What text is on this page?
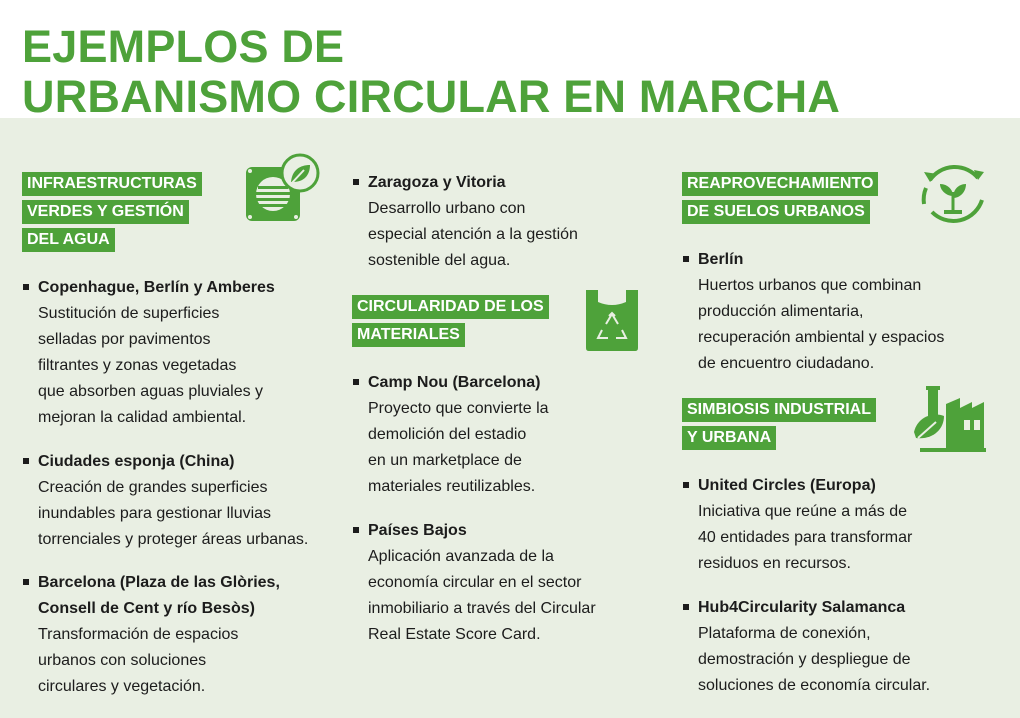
EJEMPLOS DE
URBANISMO CIRCULAR EN MARCHA
INFRAESTRUCTURAS
VERDES Y GESTIÓN
DEL AGUA
Copenhague, Berlín y Amberes
Sustitución de superficies
selladas por pavimentos
filtrantes y zonas vegetadas
que absorben aguas pluviales y
mejoran la calidad ambiental.
Ciudades esponja (China)
Creación de grandes superficies
inundables para gestionar lluvias
torrenciales y proteger áreas urbanas.
Barcelona (Plaza de las Glòries,
Consell de Cent y río Besòs)
Transformación de espacios
urbanos con soluciones
circulares y vegetación.
Zaragoza y Vitoria
Desarrollo urbano con
especial atención a la gestión
sostenible del agua.
CIRCULARIDAD DE LOS
MATERIALES
Camp Nou (Barcelona)
Proyecto que convierte la
demolición del estadio
en un marketplace de
materiales reutilizables.
Países Bajos
Aplicación avanzada de la
economía circular en el sector
inmobiliario a través del Circular
Real Estate Score Card.
REAPROVECHAMIENTO
DE SUELOS URBANOS
Berlín
Huertos urbanos que combinan
producción alimentaria,
recuperación ambiental y espacios
de encuentro ciudadano.
SIMBIOSIS INDUSTRIAL
Y URBANA
United Circles (Europa)
Iniciativa que reúne a más de
40 entidades para transformar
residuos en recursos.
Hub4Circularity Salamanca
Plataforma de conexión,
demostración y despliegue de
soluciones de economía circular.
